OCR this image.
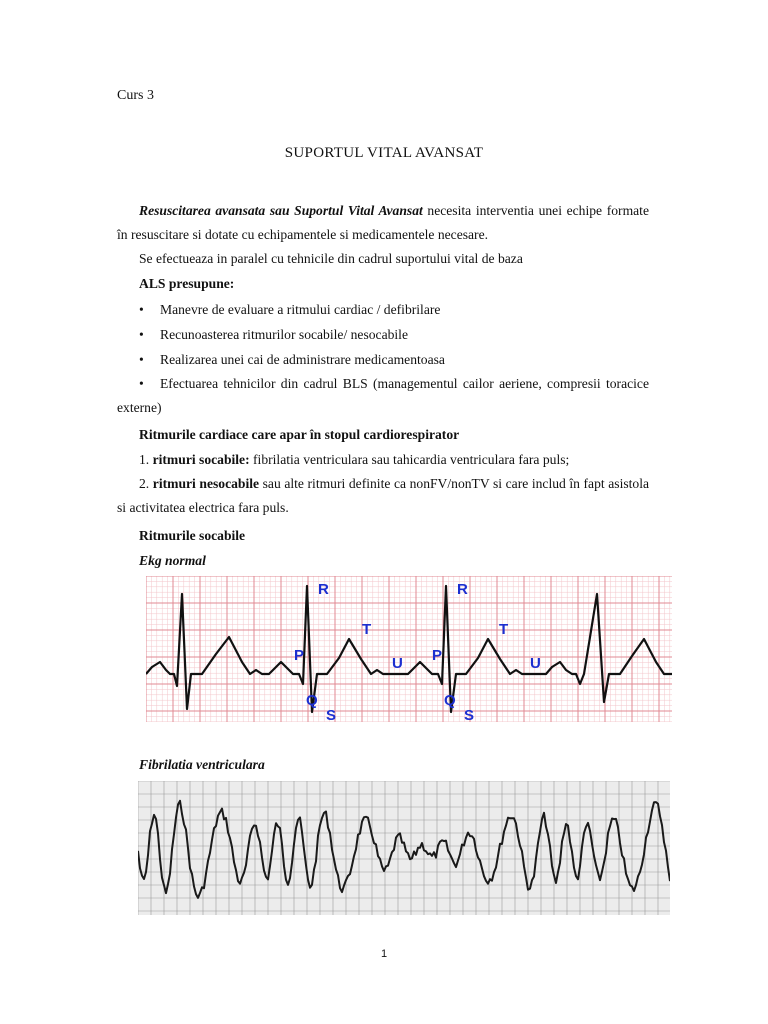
Curs 3
SUPORTUL VITAL AVANSAT
Resuscitarea avansata sau Suportul Vital Avansat necesita interventia unei echipe formate în resuscitare si dotate cu echipamentele si medicamentele necesare.
Se efectueaza in paralel cu tehnicile din cadrul suportului vital de baza
ALS presupune:
• Manevre de evaluare a ritmului cardiac / defibrilare
• Recunoasterea ritmurilor socabile/ nesocabile
• Realizarea unei cai de administrare medicamentoasa
• Efectuarea tehnicilor din cadrul BLS (managementul cailor aeriene, compresii toracice externe)
Ritmurile cardiace care apar în stopul cardiorespirator
1. ritmuri socabile: fibrilatia ventriculara sau tahicardia ventriculara fara puls;
2. ritmuri nesocabile sau alte ritmuri definite ca nonFV/nonTV si care includ în fapt asistola si activitatea electrica fara puls.
Ritmurile socabile
Ekg normal
R
T
P	U
Q
S
R
T
P	U
Q
S
Fibrilatia ventriculara
1
